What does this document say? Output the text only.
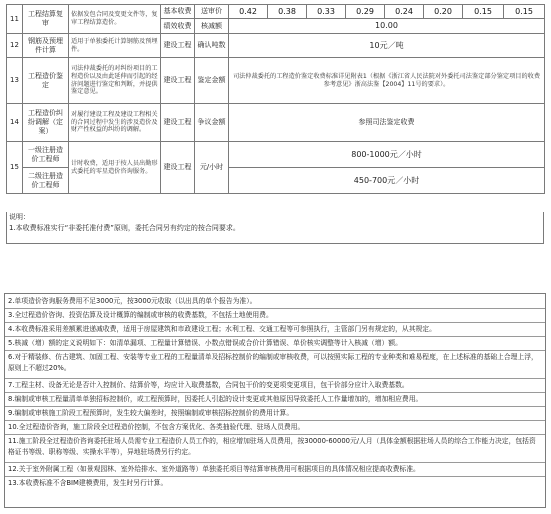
11	工程结算复审	依据发包合同及变更文件等，复审工程结算造价。	基本收费	送审价	0.42	0.38	0.33	0.29	0.24	0.20	0.15	0.15
			绩效收费	核减额	10.00							
12	钢筋及预埋件计算	适用于单独委托计算钢筋及预埋件。	建设工程	确认吨数	10元／吨							
13	工程造价鉴定	司法仲裁委托的对纠纷项目的工程造价以及由此延伸而引起的经济问题进行鉴定和判断，并提供鉴定意见。	建设工程	鉴定金额	司法仲裁委托的工程造价鉴定收费标准详见附表1（根据《浙江省人民法院对外委托司法鉴定部分鉴定项目的收费参考意见》浙高法鉴【2004】11号的要求）。							
14	工程造价纠纷调解（定案）	对履行建设工程及建设工程相关的合同过程中发生的涉及造价及财产性权益的纠纷的调解。	建设工程	争议金额	参照司法鉴定收费							
15	一级注册造价工程师	计时收费，适用于按人员出勤形式委托的零星造价咨询服务。	建设工程	元/小时	800-1000元／小时							
	二级注册造价工程师				450-700元／小时							
说明：
1.本收费标准实行“非委托准付费”原则，委托合同另有约定的按合同要求。
2.单项造价咨询服务费用不足3000元，按3000元收取（以出具的单个报告为准）。
3.全过程造价咨询、投资估算及设计概算的编制或审核的收费基数，不包括土地使用费。
4.本收费标准采用差额累进递减收费，适用于房屋建筑和市政建设工程；水利工程、交通工程等可参照执行，主管部门另有规定的，从其规定。
5.核减（增）额的定义说明如下：如清单漏项、工程量计算错误、小数点错误或合价计算错误、单价核实调整等计入核减（增）额。
6.对于精装修、仿古建筑、加固工程、安装等专业工程的工程量清单及招标控制价的编制或审核收费，可以按照实际工程的专业种类和难易程度，在上述标准的基础上合理上浮，原则上不超过20%。
7.工程主材、设备无论是否计入控制价、结算价等，均应计入取费基数，合同包干价的变更项变更项目，包干价部分应计入取费基数。
8.编制或审核工程量清单单独招标控制价，或工程预算时，因委托人引起的设计变更或其他原因导致委托人工作量增加的，增加相应费用。
9.编制或审核施工阶段工程预算时，发生较大偏差时，按照编制或审核招标控制价的费用计算。
10.全过程造价咨询，施工阶段全过程造价控制，不包含方案优化、各类抽验代理、驻场人员费用。
11.施工阶段全过程造价咨询委托驻场人员需专业工程造价人员工作的，相应增加驻场人员费用，按30000-60000元/人月（具体金额根据驻场人员的综合工作能力决定，包括资格证书等级、职称等级、实操水平等），异地驻场费另行约定。
12.关于室外附属工程（如景观园林、室外给排水、室外道路等）单独委托项目等结算审核费用可根据项目的具体情况相应提高收费标准。
13.本收费标准不含BIM建模费用，发生时另行计算。
